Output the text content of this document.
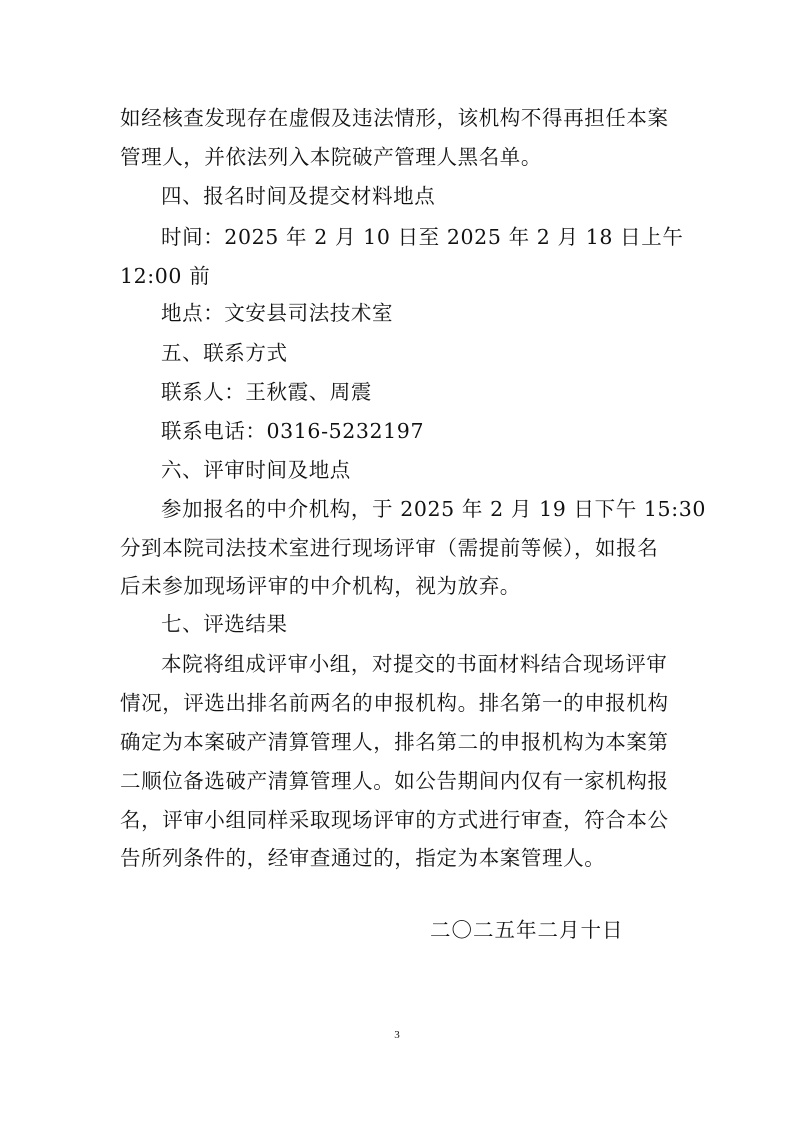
如经核查发现存在虚假及违法情形，该机构不得再担任本案
管理人，并依法列入本院破产管理人黑名单。
四、报名时间及提交材料地点
时间：2025 年 2 月 10 日至 2025 年 2 月 18 日上午
12:00 前
地点：文安县司法技术室
五、联系方式
联系人：王秋霞、周震
联系电话：0316-5232197
六、评审时间及地点
参加报名的中介机构，于 2025 年 2 月 19 日下午 15:30
分到本院司法技术室进行现场评审（需提前等候），如报名
后未参加现场评审的中介机构，视为放弃。
七、评选结果
本院将组成评审小组，对提交的书面材料结合现场评审
情况，评选出排名前两名的申报机构。排名第一的申报机构
确定为本案破产清算管理人，排名第二的申报机构为本案第
二顺位备选破产清算管理人。如公告期间内仅有一家机构报
名，评审小组同样采取现场评审的方式进行审查，符合本公
告所列条件的，经审查通过的，指定为本案管理人。
二〇二五年二月十日
3
